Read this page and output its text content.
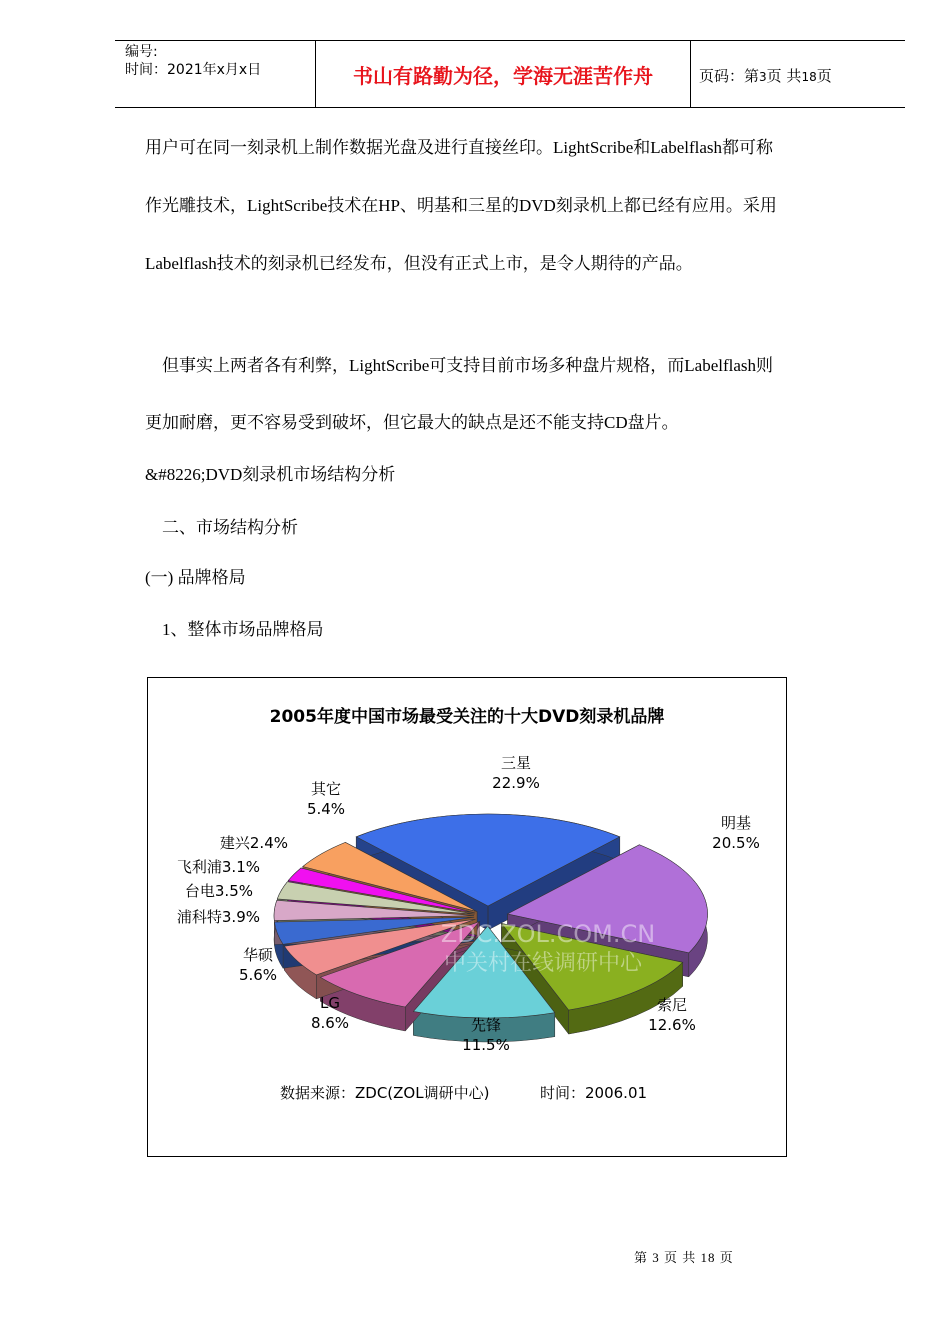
编号:
时间：2021年x月x日	书山有路勤为径，学海无涯苦作舟	页码：第3页 共18页
用户可在同一刻录机上制作数据光盘及进行直接丝印。LightScribe和Labelflash都可称
作光雕技术，LightScribe技术在HP、明基和三星的DVD刻录机上都已经有应用。采用
Labelflash技术的刻录机已经发布，但没有正式上市，是令人期待的产品。
　但事实上两者各有利弊，LightScribe可支持目前市场多种盘片规格，而Labelflash则
更加耐磨，更不容易受到破坏，但它最大的缺点是还不能支持CD盘片。
&#8226;DVD刻录机市场结构分析
　二、市场结构分析
(一) 品牌格局
　1、整体市场品牌格局
2005年度中国市场最受关注的十大DVD刻录机品牌
ZDC.ZOL.COM.CN
中关村在线调研中心
三星 22.9%
明基 20.5%
索尼 12.6%
先锋 11.5%
LG 8.6%
华硕 5.6%
浦科特3.9%
台电3.5%
飞利浦3.1%
建兴2.4%
其它 5.4%
数据来源：ZDC(ZOL调研中心)	时间：2006.01
第 3 页 共 18 页
